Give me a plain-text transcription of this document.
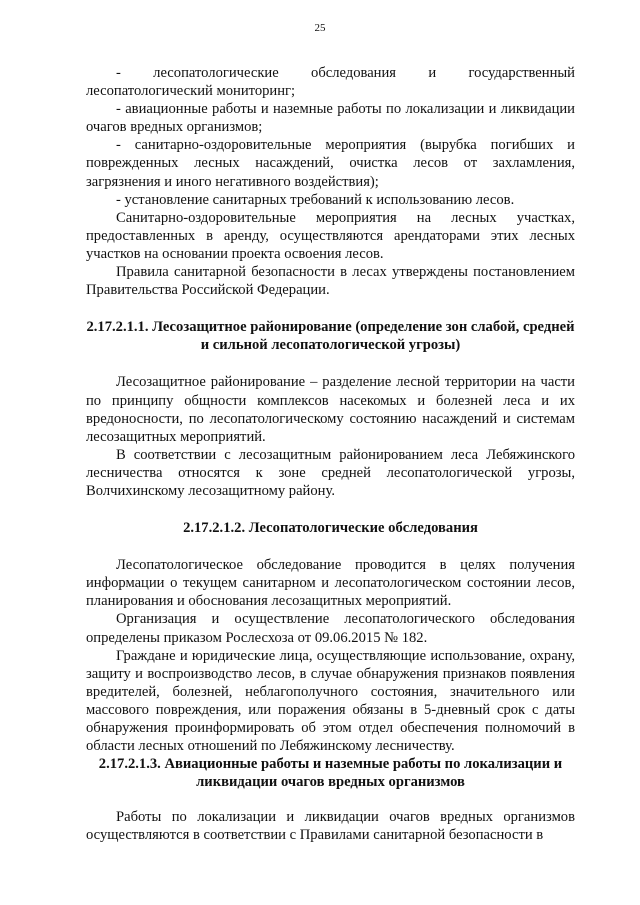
25

- лесопатологические обследования и государственный лесопатологический мониторинг;

- авиационные работы и наземные работы по локализации и ликвидации очагов вредных организмов;

- санитарно-оздоровительные мероприятия (вырубка погибших и поврежденных лесных насаждений, очистка лесов от захламления, загрязнения и иного негативного воздействия);

- установление санитарных требований к использованию лесов.

Санитарно-оздоровительные мероприятия на лесных участках, предоставленных в аренду, осуществляются арендаторами этих лесных участков на основании проекта освоения лесов.

Правила санитарной безопасности в лесах утверждены постановлением Правительства Российской Федерации.

2.17.2.1.1. Лесозащитное районирование (определение зон слабой, средней и сильной лесопатологической угрозы)

Лесозащитное районирование – разделение лесной территории на части по принципу общности комплексов насекомых и болезней леса и их вредоносности, по лесопатологическому состоянию насаждений и системам лесозащитных мероприятий.

В соответствии с лесозащитным районированием леса Лебяжинского лесничества относятся к зоне средней лесопатологической угрозы, Волчихинскому лесозащитному району.

2.17.2.1.2. Лесопатологические обследования

Лесопатологическое обследование проводится в целях получения информации о текущем санитарном и лесопатологическом состоянии лесов, планирования и обоснования лесозащитных мероприятий.

Организация и осуществление лесопатологического обследования определены приказом Рослесхоза от 09.06.2015 № 182.

Граждане и юридические лица, осуществляющие использование, охрану, защиту и воспроизводство лесов, в случае обнаружения признаков появления вредителей, болезней, неблагополучного состояния, значительного или массового повреждения, или поражения обязаны в 5-дневный срок с даты обнаружения проинформировать об этом отдел обеспечения полномочий в области лесных отношений по Лебяжинскому лесничеству.

2.17.2.1.3. Авиационные работы и наземные работы по локализации и ликвидации очагов вредных организмов

Работы по локализации и ликвидации очагов вредных организмов осуществляются в соответствии с Правилами санитарной безопасности в
